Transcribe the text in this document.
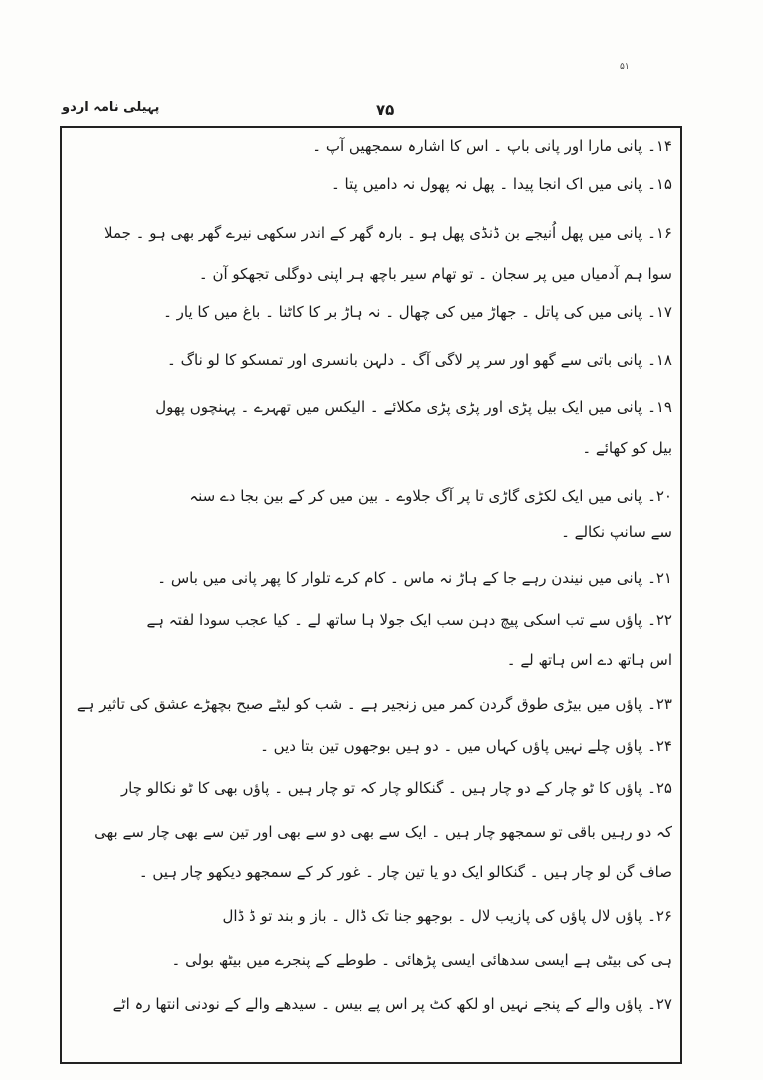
۵۱
پہیلی نامہ اردو	۷۵
۱۴۔ پانی مارا اور پانی باپ ۔ اس کا اشارہ سمجھیں آپ ۔
۱۵۔ پانی میں اک انجا پیدا ۔ پھل نہ پھول نہ دامیں پتا ۔
۱۶۔ پانی میں پھل اُنیجے بن ڈنڈی پھل ہو ۔ بارہ گھر کے اندر سکھی نیرے گھر بھی ہو ۔ جملا
سوا ہم آدمیاں میں پر سجان ۔ تو تھام سیر باچھ ہر اپنی دوگلی تجھکو آن ۔
۱۷۔ پانی میں کی پاتل ۔ جھاڑ میں کی چھال ۔ نہ ہاڑ بر کا کاٹنا ۔ باغ میں کا یار ۔
۱۸۔ پانی باتی سے گھو اور سر پر لاگی آگ ۔ دلہن بانسری اور تمسکو کا لو ناگ ۔
۱۹۔ پانی میں ایک بیل پڑی اور پڑی پڑی مکلائے ۔ الیکس میں تھہرے ۔ پہنچوں پھول
بیل کو کھائے ۔
۲۰۔ پانی میں ایک لکڑی گاڑی تا پر آگ جلاوے ۔ بین میں کر کے بین بجا دے سنہ
سے سانپ نکالے ۔
۲۱۔ پانی میں نیندن رہے جا کے ہاڑ نہ ماس ۔ کام کرے تلوار کا پھر پانی میں باس ۔
۲۲۔ پاؤں سے تب اسکی پیچ دہن سب ایک جولا ہا ساتھ لے ۔ کیا عجب سودا لفتہ ہے
اس ہاتھ دے اس ہاتھ لے ۔
۲۳۔ پاؤں میں بیڑی طوق گردن کمر میں زنجیر ہے ۔ شب کو لیٹے صبح بچھڑے عشق کی تاثیر ہے
۲۴۔ پاؤں چلے نہیں پاؤں کہاں میں ۔ دو ہیں بوجھوں تین بتا دیں ۔
۲۵۔ پاؤں کا ٹو چار کے دو چار ہیں ۔ گنکالو چار کہ تو چار ہیں ۔ پاؤں بھی کا ٹو نکالو چار
کہ دو رہیں باقی تو سمجھو چار ہیں ۔ ایک سے بھی دو سے بھی اور تین سے بھی چار سے بھی
صاف گن لو چار ہیں ۔ گنکالو ایک دو یا تین چار ۔ غور کر کے سمجھو دیکھو چار ہیں ۔
۲۶۔ پاؤں لال پاؤں کی پازیب لال ۔ بوجھو جنا تک ڈال ۔ باز و بند تو ڈ ڈال
ہی کی بیٹی ہے ایسی سدھائی ایسی پڑھائی ۔ طوطے کے پنجرے میں بیٹھ بولی ۔
۲۷۔ پاؤں والے کے پنجے نہیں او لکھ کٹ پر اس پے بیس ۔ سیدھے والے کے نودنی انتھا رہ اٹے
